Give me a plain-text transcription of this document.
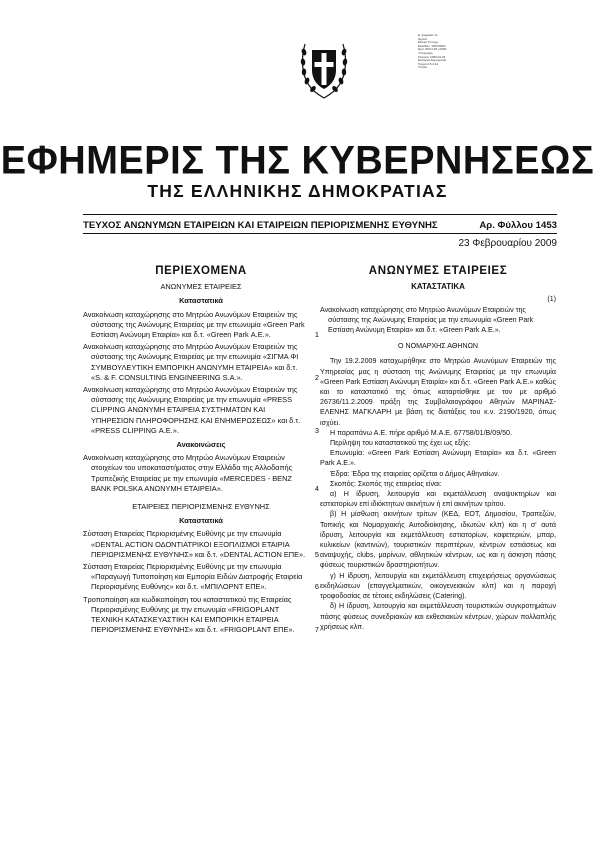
Ε. ψηφιακά υπ.
Ημ/νία:
Εθνικό Τυπογρ.
Ελλάδας: 1453/0903
Ώρα: 08:01:15 +0300
Υπογραφή:
Στοιχεία: 2009.02.23
Ελληνική Δημοκρατία
Τμήμα 2.5.4.10
Γνήσιο
ΕΦΗΜΕΡΙΣ ΤΗΣ ΚΥΒΕΡΝΗΣΕΩΣ
ΤΗΣ ΕΛΛΗΝΙΚΗΣ ΔΗΜΟΚΡΑΤΙΑΣ
ΤΕΥΧΟΣ ΑΝΩΝΥΜΩΝ ΕΤΑΙΡΕΙΩΝ ΚΑΙ ΕΤΑΙΡΕΙΩΝ ΠΕΡΙΟΡΙΣΜΕΝΗΣ ΕΥΘΥΝΗΣ	Αρ. Φύλλου 1453
23 Φεβρουαρίου 2009
ΠΕΡΙΕΧΟΜΕΝΑ
ΑΝΩΝΥΜΕΣ ΕΤΑΙΡΕΙΕΣ
Καταστατικά
Ανακοίνωση καταχώρησης στο Μητρώο Ανωνύμων Εταιρειών της σύστασης της Ανώνυμης Εταιρείας με την επωνυμία «Green Park Εστίαση Ανώνυμη Εταιρία» και δ.τ. «Green Park Α.Ε.».	1
Ανακοίνωση καταχώρησης στο Μητρώο Ανωνύμων Εταιρειών της σύστασης της Ανώνυμης Εταιρείας με την επωνυμία «ΣΙΓΜΑ ΦΙ ΣΥΜΒΟΥΛΕΥΤΙΚΗ ΕΜΠΟΡΙΚΗ ΑΝΩΝΥΜΗ ΕΤΑΙΡΕΙΑ» και δ.τ. «S. & F. CONSULTING ENGINEERING S.A.».	2
Ανακοίνωση καταχώρησης στο Μητρώο Ανωνύμων Εταιρειών της σύστασης της Ανώνυμης Εταιρείας με την επωνυμία «PRESS CLIPPING ΑΝΩΝΥΜΗ ΕΤΑΙΡΕΙΑ ΣΥΣΤΗΜΑΤΩΝ ΚΑΙ ΥΠΗΡΕΣΙΩΝ ΠΛΗΡΟΦΟΡΗΣΗΣ ΚΑΙ ΕΝΗΜΕΡΩΣΕΩΣ» και δ.τ. «PRESS CLIPPING Α.Ε.».	3
Ανακοινώσεις
Ανακοίνωση καταχώρησης στο Μητρώο Ανωνύμων Εταιρειών στοιχείων του υποκαταστήματος στην Ελλάδα της Αλλοδαπής Τραπεζικής Εταιρείας με την επωνυμία «MERCEDES - BENZ BANK POLSKA ΑΝΩΝΥΜΗ ΕΤΑΙΡΕΙΑ».	4
ΕΤΑΙΡΕΙΕΣ ΠΕΡΙΟΡΙΣΜΕΝΗΣ ΕΥΘΥΝΗΣ
Καταστατικά
Σύσταση Εταιρείας Περιορισμένης Ευθύνης με την επωνυμία «DENTAL ACTION ΟΔΟΝΤΙΑΤΡΙΚΟΙ ΕΞΟΠΛΙΣΜΟΙ ΕΤΑΙΡΙΑ ΠΕΡΙΩΡΙΣΜΕΝΗΣ ΕΥΘΥΝΗΣ» και δ.τ. «DENTAL ACTION ΕΠΕ».	5
Σύσταση Εταιρείας Περιορισμένης Ευθύνης με την επωνυμία «Παραγωγή Τυποποίηση και Εμπορία Ειδών Διατροφής Εταιρεία Περιορισμένης Ευθύνης» και δ.τ. «ΜΠΙΛΟΡΝΤ ΕΠΕ».	6
Τροποποίηση και κωδικοποίηση του καταστατικού της Εταιρείας Περιορισμένης Ευθύνης με την επωνυμία «FRIGOPLANT ΤΕΧΝΙΚΗ ΚΑΤΑΣΚΕΥΑΣΤΙΚΗ ΚΑΙ ΕΜΠΟΡΙΚΗ ΕΤΑΙΡΕΙΑ ΠΕΡΙΟΡΙΣΜΕΝΗΣ ΕΥΘΥΝΗΣ» και δ.τ. «FRIGOPLANT ΕΠΕ».	7
ΑΝΩΝΥΜΕΣ ΕΤΑΙΡΕΙΕΣ
ΚΑΤΑΣΤΑΤΙΚΑ
(1)
Ανακοίνωση καταχώρησης στο Μητρώο Ανωνύμων Εταιρειών της σύστασης της Ανώνυμης Εταιρείας με την επωνυμία «Green Park Εστίαση Ανώνυμη Εταιρία» και δ.τ. «Green Park Α.Ε.».
Ο ΝΟΜΑΡΧΗΣ ΑΘΗΝΩΝ
Την 19.2.2009 καταχωρήθηκε στο Μητρώο Ανωνύμων Εταιρειών της Υπηρεσίας μας η σύσταση της Ανώνυμης Εταιρείας με την επωνυμία «Green Park Εστίαση Ανώνυμη Εταιρία» και δ.τ. «Green Park Α.Ε.» καθώς και το καταστατικό της όπως καταρτίσθηκε με τον με αριθμό 26736/11.2.2009 πράξη της Συμβολαιογράφου Αθηνών ΜΑΡΙΝΑΣ-ΕΛΕΝΗΣ ΜΑΓΚΛΑΡΗ με βάση τις διατάξεις του κ.ν. 2190/1920, όπως ισχύει.
Η παραπάνω Α.Ε. πήρε αριθμό Μ.Α.Ε. 67758/01/Β/09/50.
Περίληψη του καταστατικού της έχει ως εξής:
Επωνυμία: «Green Park Εστίαση Ανώνυμη Εταιρία» και δ.τ. «Green Park Α.Ε.».
Έδρα: Έδρα της εταιρείας ορίζεται ο Δήμος Αθηναίων.
Σκοπός: Σκοπός της εταιρείας είναι:
α) Η ίδρυση, λειτουργία και εκμετάλλευση αναψυκτηρίων και εστιατορίων επί ιδιόκτητων ακινήτων ή επί ακινήτων τρίτου.
β) Η μίσθωση ακινήτων τρίτων (ΚΕΔ, ΕΟΤ, Δημοσίου, Τραπεζών, Τοπικής και Νομαρχιακής Αυτοδιοίκησης, ιδιωτών κλπ) και η σ' αυτά ίδρυση, λειτουργία και εκμετάλλευση εστιατορίων, καφετεριών, μπαρ, κυλικείων (καντινών), τουριστικών περιπτέρων, κέντρων εστιάσεως και αναψυχής, clubs, μαρίνων, αθλητικών κέντρων, ως και η άσκηση πάσης φύσεως τουριστικών δραστηριοτήτων.
γ) Η ίδρυση, λειτουργία και εκμετάλλευση επιχειρήσεως οργανώσεως εκδηλώσεων (επαγγελματικών, οικογενειακών κλπ) και η παροχή τροφοδοσίας σε τέτοιες εκδηλώσεις (Catering).
δ) Η ίδρυση, λειτουργία και εκμετάλλευση τουριστικών συγκροτημάτων πάσης φύσεως συνεδριακών και εκθεσιακών κέντρων, χώρων πολλαπλής χρήσεως κλπ.
